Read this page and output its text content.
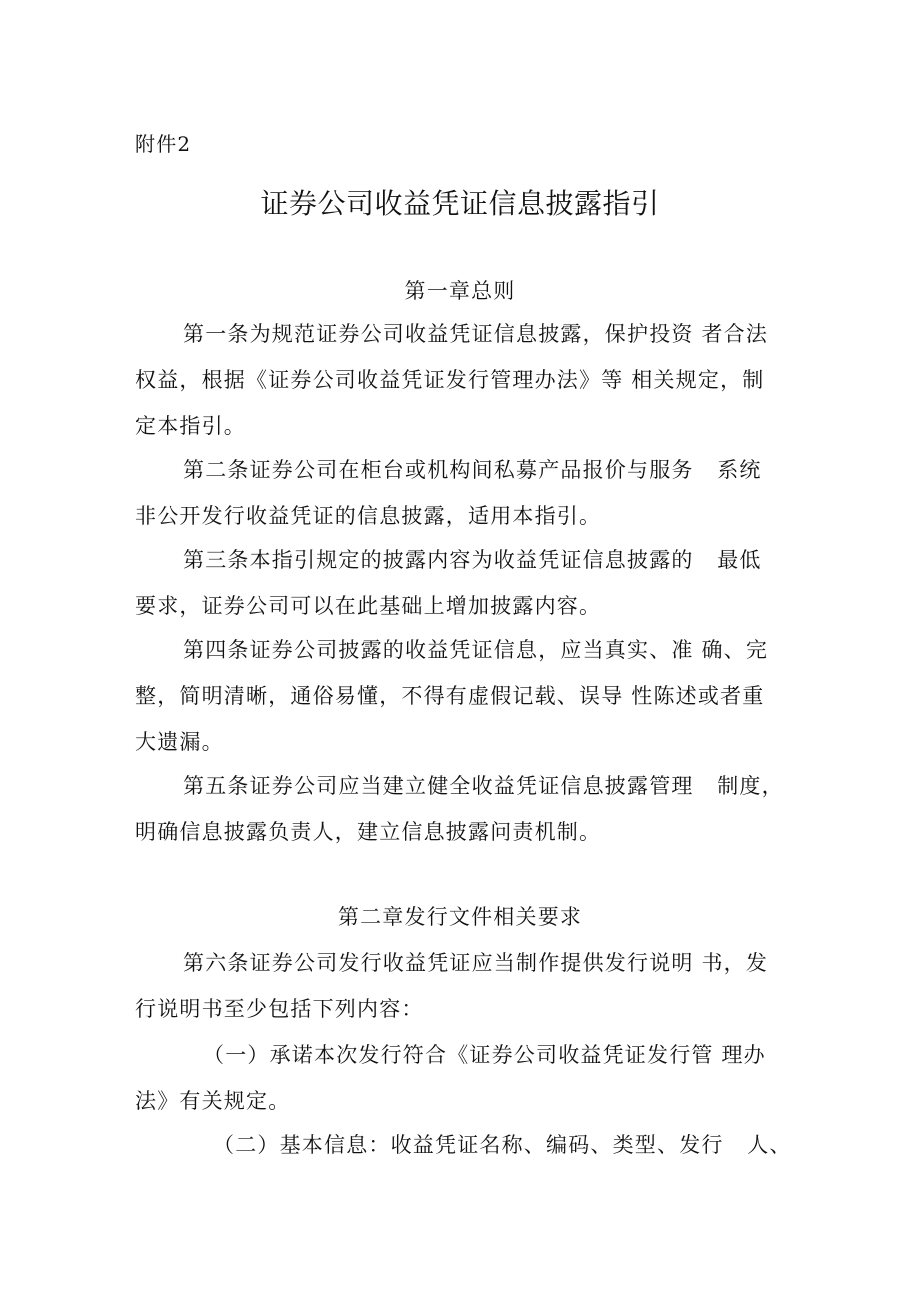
附件2
证券公司收益凭证信息披露指引
第一章总则
第一条为规范证券公司收益凭证信息披露，保护投资 者合法
权益，根据《证券公司收益凭证发行管理办法》等 相关规定，制
定本指引。
第二条证券公司在柜台或机构间私募产品报价与服务   系统
非公开发行收益凭证的信息披露，适用本指引。
第三条本指引规定的披露内容为收益凭证信息披露的   最低
要求，证券公司可以在此基础上增加披露内容。
第四条证券公司披露的收益凭证信息，应当真实、准 确、完
整，简明清晰，通俗易懂，不得有虚假记载、误导 性陈述或者重
大遗漏。
第五条证券公司应当建立健全收益凭证信息披露管理   制度，
明确信息披露负责人，建立信息披露问责机制。
第二章发行文件相关要求
第六条证券公司发行收益凭证应当制作提供发行说明 书，发
行说明书至少包括下列内容：
（一）承诺本次发行符合《证券公司收益凭证发行管 理办
法》有关规定。
（二）基本信息：收益凭证名称、编码、类型、发行   人、
